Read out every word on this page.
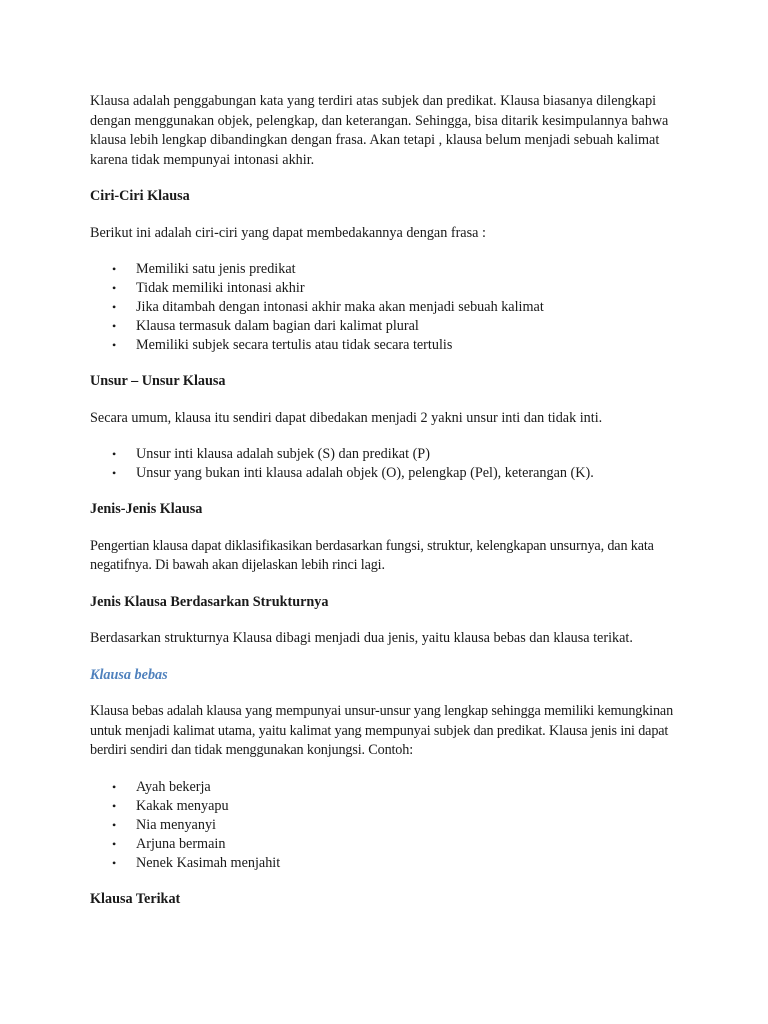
Klausa adalah penggabungan kata yang terdiri atas subjek dan predikat. Klausa biasanya dilengkapi dengan menggunakan objek, pelengkap, dan keterangan. Sehingga, bisa ditarik kesimpulannya bahwa klausa lebih lengkap dibandingkan dengan frasa. Akan tetapi , klausa belum menjadi sebuah kalimat karena tidak mempunyai intonasi akhir.

Ciri-Ciri Klausa

Berikut ini adalah ciri-ciri yang dapat membedakannya dengan frasa :

• Memiliki satu jenis predikat
• Tidak memiliki intonasi akhir
• Jika ditambah dengan intonasi akhir maka akan menjadi sebuah kalimat
• Klausa termasuk dalam bagian dari kalimat plural
• Memiliki subjek secara tertulis atau tidak secara tertulis
Unsur – Unsur Klausa

Secara umum, klausa itu sendiri dapat dibedakan menjadi 2 yakni unsur inti dan tidak inti.

• Unsur inti klausa adalah subjek (S) dan predikat (P)
• Unsur yang bukan inti klausa adalah objek (O), pelengkap (Pel), keterangan (K).
Jenis-Jenis Klausa

Pengertian klausa dapat diklasifikasikan berdasarkan fungsi, struktur, kelengkapan unsurnya, dan kata negatifnya. Di bawah akan dijelaskan lebih rinci lagi.

Jenis Klausa Berdasarkan Strukturnya

Berdasarkan strukturnya Klausa dibagi menjadi dua jenis, yaitu klausa bebas dan klausa terikat.

Klausa bebas

Klausa bebas adalah klausa yang mempunyai unsur-unsur yang lengkap sehingga memiliki kemungkinan untuk menjadi kalimat utama, yaitu kalimat yang mempunyai subjek dan predikat. Klausa jenis ini dapat berdiri sendiri dan tidak menggunakan konjungsi. Contoh:

• Ayah bekerja
• Kakak menyapu
• Nia menyanyi
• Arjuna bermain
• Nenek Kasimah menjahit
Klausa Terikat
